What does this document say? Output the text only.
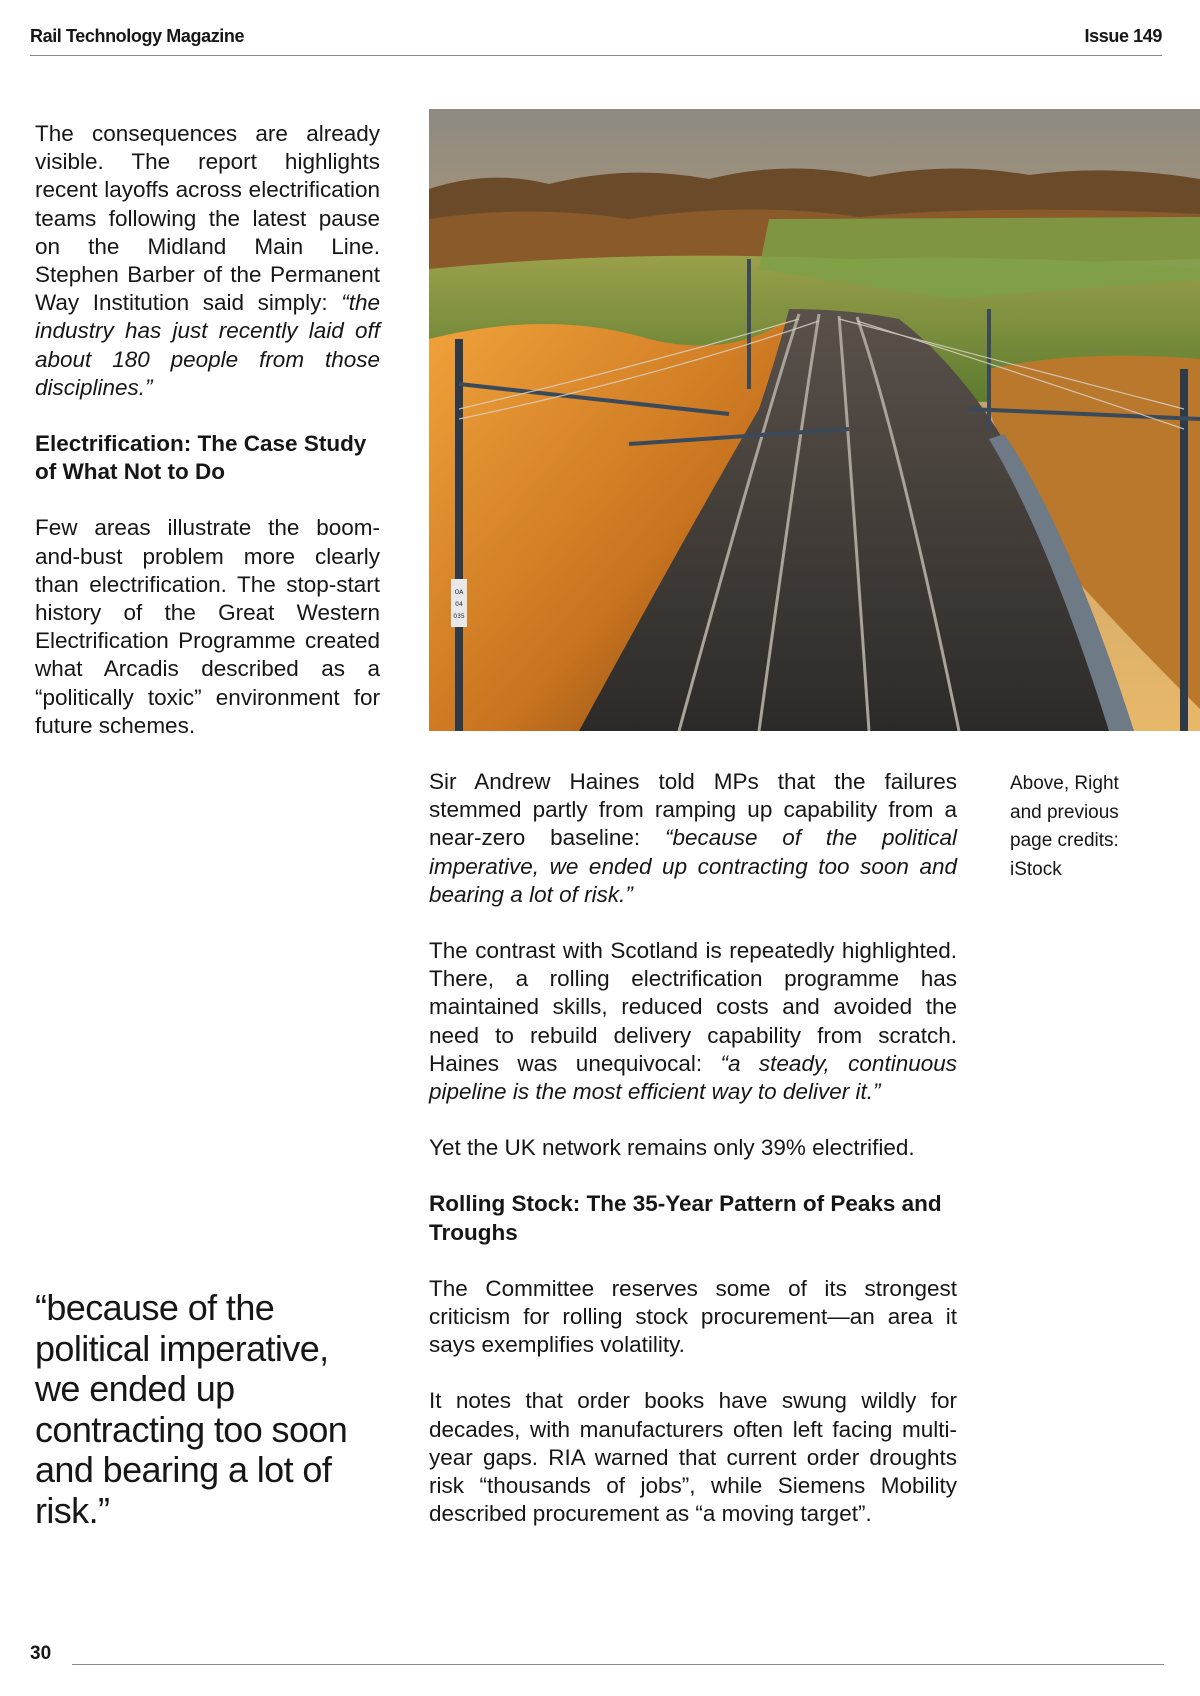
Rail Technology Magazine	Issue 149

The consequences are already visible. The report highlights recent layoffs across electrification teams following the latest pause on the Midland Main Line. Stephen Barber of the Permanent Way Institution said simply: “the industry has just recently laid off about 180 people from those disciplines.”

Electrification: The Case Study of What Not to Do

Few areas illustrate the boom-and-bust problem more clearly than electrification. The stop-start history of the Great Western Electrification Programme created what Arcadis described as a “politically toxic” environment for future schemes.

“because of the political imperative, we ended up contracting too soon and bearing a lot of risk.”

OA
04
035

Sir Andrew Haines told MPs that the failures stemmed partly from ramping up capability from a near-zero baseline: “because of the political imperative, we ended up contracting too soon and bearing a lot of risk.”

The contrast with Scotland is repeatedly highlighted. There, a rolling electrification programme has maintained skills, reduced costs and avoided the need to rebuild delivery capability from scratch. Haines was unequivocal: “a steady, continuous pipeline is the most efficient way to deliver it.”

Yet the UK network remains only 39% electrified.

Rolling Stock: The 35-Year Pattern of Peaks and Troughs

The Committee reserves some of its strongest criticism for rolling stock procurement—an area it says exemplifies volatility.

It notes that order books have swung wildly for decades, with manufacturers often left facing multi-year gaps. RIA warned that current order droughts risk “thousands of jobs”, while Siemens Mobility described procurement as “a moving target”.

Above, Right and previous page credits: iStock

30
